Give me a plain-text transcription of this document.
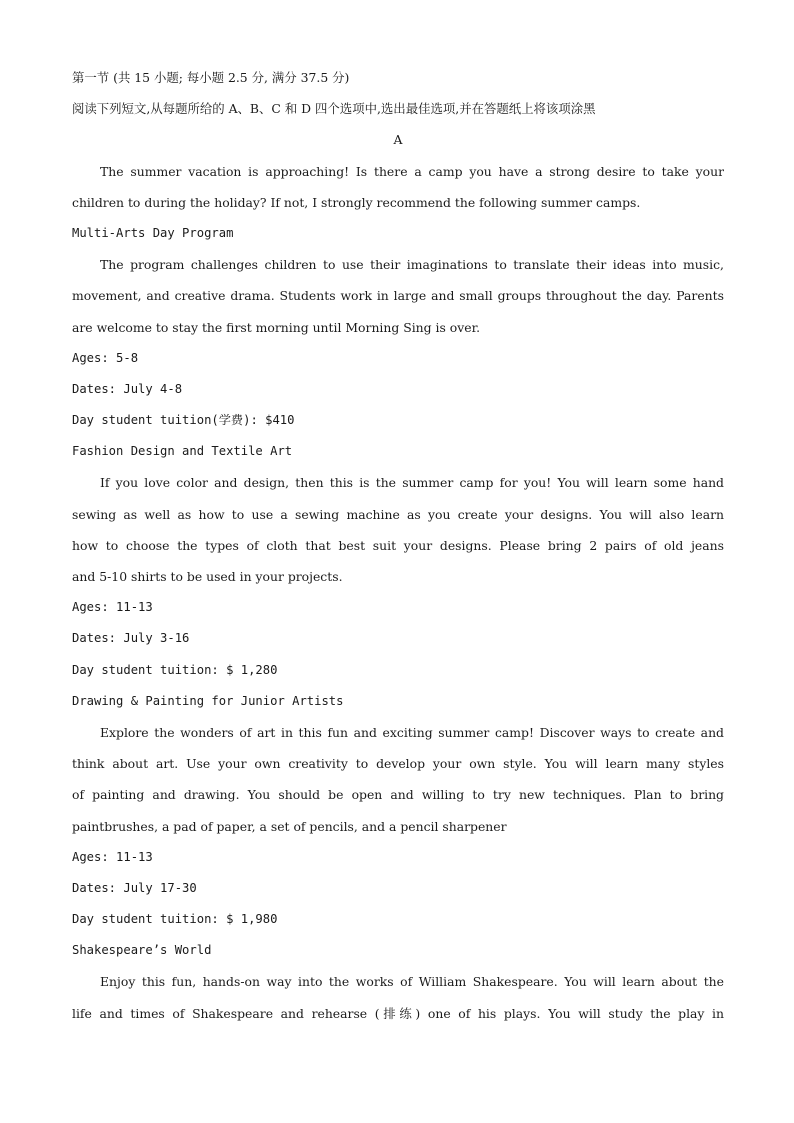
第一节 (共 15 小题; 每小题 2.5 分, 满分 37.5 分)
阅读下列短文,从每题所给的 A、B、C 和 D 四个选项中,选出最佳选项,并在答题纸上将该项涂黑
A
The summer vacation is approaching! Is there a camp you have a strong desire to take your
children to during the holiday? If not, I strongly recommend the following summer camps.
Multi-Arts Day Program
The program challenges children to use their imaginations to translate their ideas into music,
movement, and creative drama. Students work in large and small groups throughout the day. Parents
are welcome to stay the first morning until Morning Sing is over.
Ages: 5-8
Dates: July 4-8
Day student tuition(学费): $410
Fashion Design and Textile Art
If you love color and design, then this is the summer camp for you! You will learn some hand
sewing as well as how to use a sewing machine as you create your designs. You will also learn
how to choose the types of cloth that best suit your designs. Please bring 2 pairs of old jeans
and 5-10 shirts to be used in your projects.
Ages: 11-13
Dates: July 3-16
Day student tuition: $ 1,280
Drawing & Painting for Junior Artists
Explore the wonders of art in this fun and exciting summer camp! Discover ways to create and
think about art. Use your own creativity to develop your own style. You will learn many styles
of painting and drawing. You should be open and willing to try new techniques. Plan to bring
paintbrushes, a pad of paper, a set of pencils, and a pencil sharpener
Ages: 11-13
Dates: July 17-30
Day student tuition: $ 1,980
Shakespeare’s World
Enjoy this fun, hands-on way into the works of William Shakespeare. You will learn about the
life and times of Shakespeare and rehearse (排练) one of his plays. You will study the play in
